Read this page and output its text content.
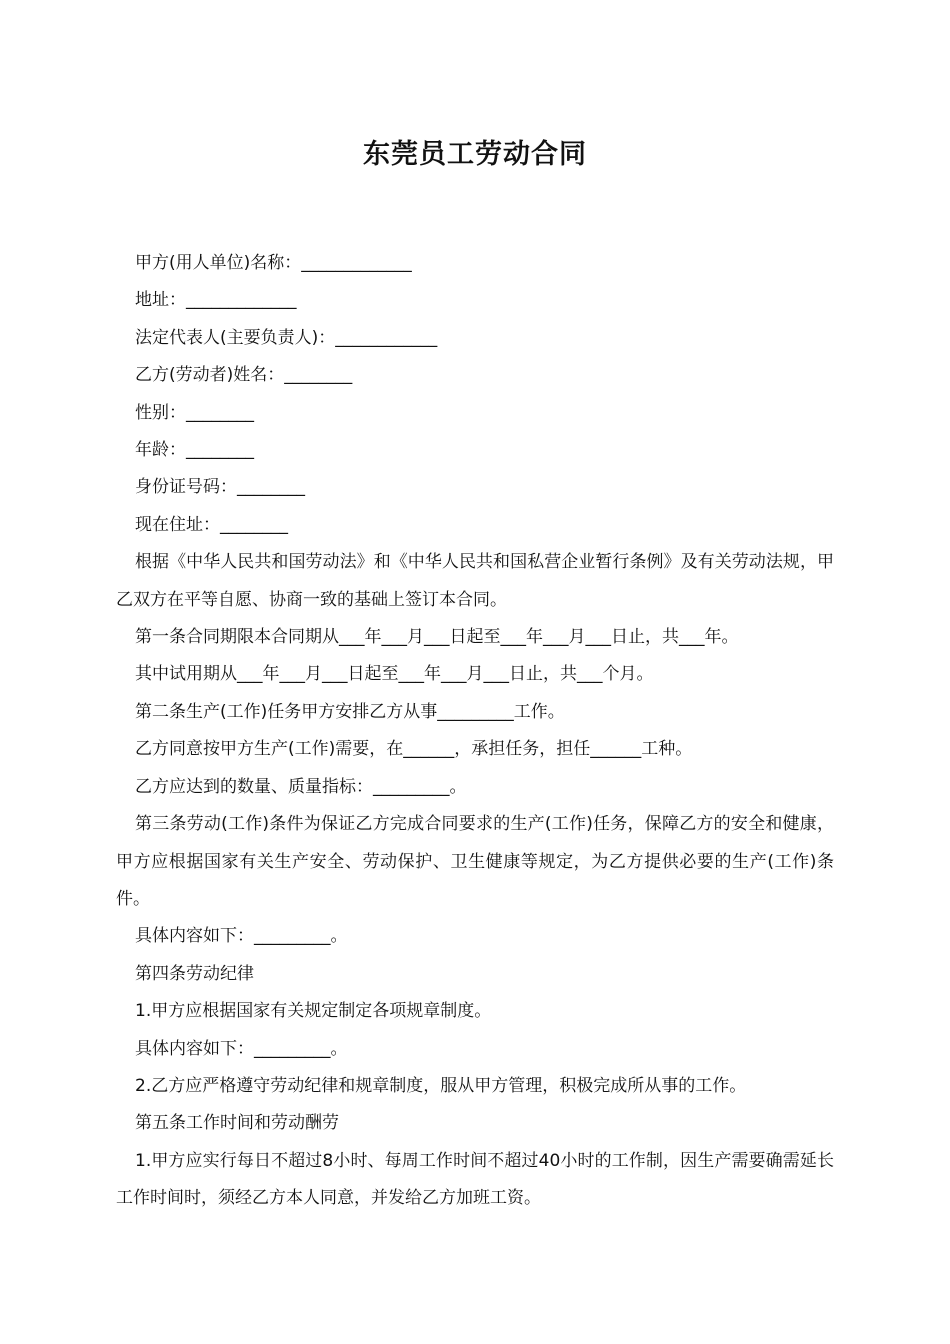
东莞员工劳动合同

甲方(用人单位)名称：_____________

地址：_____________

法定代表人(主要负责人)：____________

乙方(劳动者)姓名：________

性别：________

年龄：________

身份证号码：________

现在住址：________

根据《中华人民共和国劳动法》和《中华人民共和国私营企业暂行条例》及有关劳动法规，甲乙双方在平等自愿、协商一致的基础上签订本合同。

第一条合同期限本合同期从___年___月___日起至___年___月___日止，共___年。

其中试用期从___年___月___日起至___年___月___日止，共___个月。

第二条生产(工作)任务甲方安排乙方从事_________工作。

乙方同意按甲方生产(工作)需要，在______，承担任务，担任______工种。

乙方应达到的数量、质量指标：_________。

第三条劳动(工作)条件为保证乙方完成合同要求的生产(工作)任务，保障乙方的安全和健康，甲方应根据国家有关生产安全、劳动保护、卫生健康等规定，为乙方提供必要的生产(工作)条件。

具体内容如下：_________。

第四条劳动纪律

1.甲方应根据国家有关规定制定各项规章制度。

具体内容如下：_________。

2.乙方应严格遵守劳动纪律和规章制度，服从甲方管理，积极完成所从事的工作。

第五条工作时间和劳动酬劳

1.甲方应实行每日不超过8小时、每周工作时间不超过40小时的工作制，因生产需要确需延长工作时间时，须经乙方本人同意，并发给乙方加班工资。
